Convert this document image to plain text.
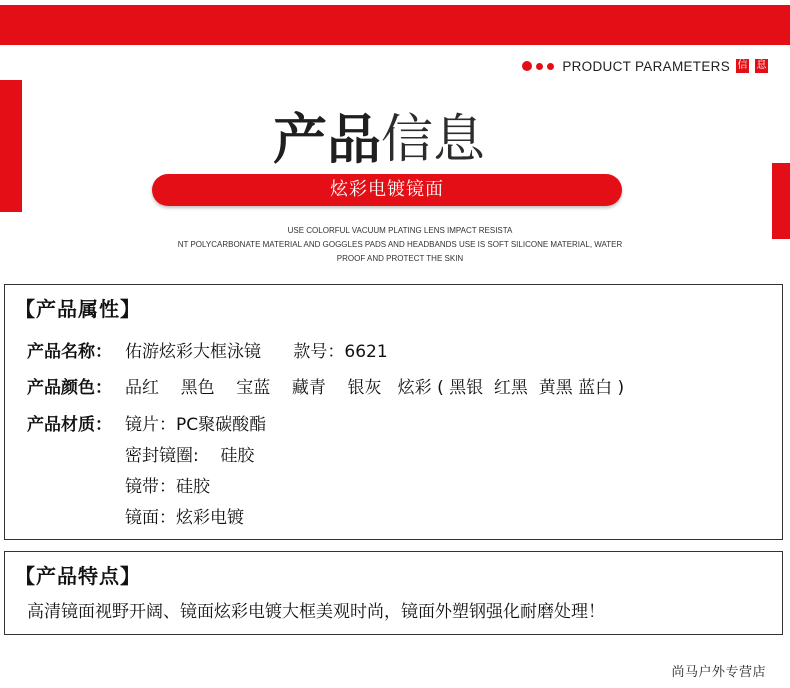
PRODUCT PARAMETERS 信 息
产品 信息
炫彩电镀镜面
USE COLORFUL VACUUM PLATING LENS IMPACT RESISTA
NT POLYCARBONATE MATERIAL AND GOGGLES PADS AND HEADBANDS USE IS SOFT SILICONE MATERIAL, WATER
PROOF AND PROTECT THE SKIN
【产品属性】
产品名称： 佑游炫彩大框泳镜      款号：6621
产品颜色： 品红    黑色    宝蓝    藏青    银灰   炫彩 ( 黑银  红黑  黄黑 蓝白 )
产品材质： 镜片：PC聚碳酸酯
密封镜圈:    硅胶
镜带：硅胶
镜面：炫彩电镀
【产品特点】
高清镜面视野开阔、镜面炫彩电镀大框美观时尚，镜面外塑钢强化耐磨处理！
尚马户外专营店
